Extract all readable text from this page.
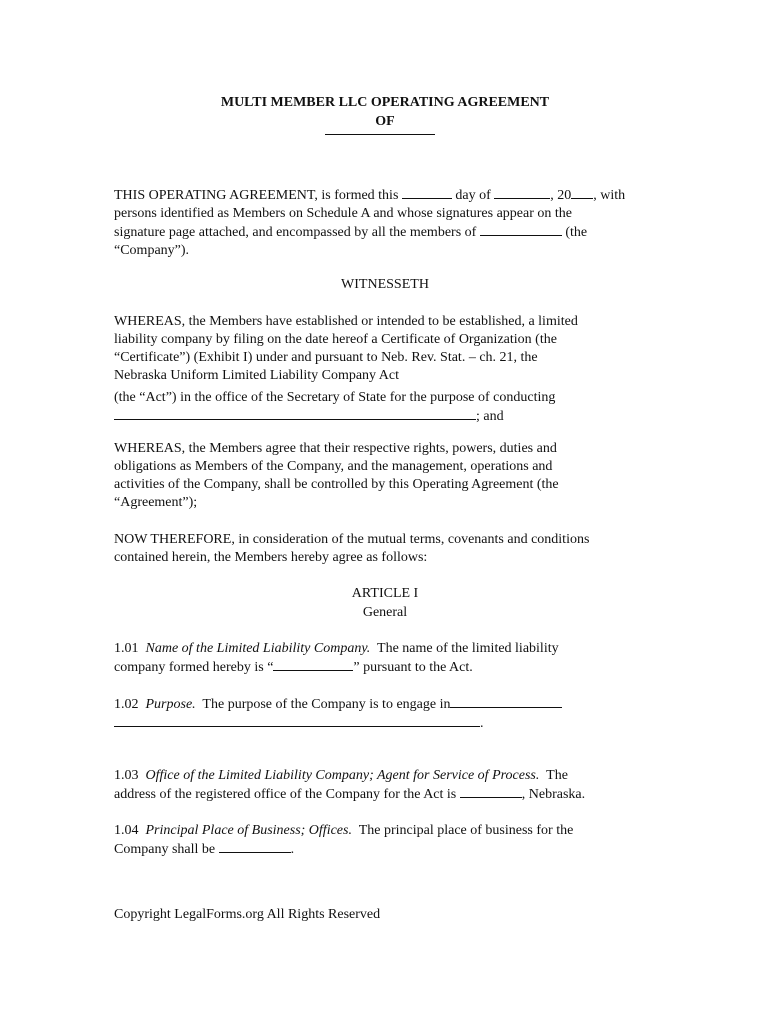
MULTI MEMBER LLC OPERATING AGREEMENT
OF
THIS OPERATING AGREEMENT, is formed this	day of	, 20 , with
persons identified as Members on Schedule A and whose signatures appear on the
signature page attached, and encompassed by all the members of	(the
“Company”).
WITNESSETH
WHEREAS, the Members have established or intended to be established, a limited
liability company by filing on the date hereof a Certificate of Organization (the
“Certificate”) (Exhibit I) under and pursuant to Neb. Rev. Stat. – ch. 21, the
Nebraska Uniform Limited Liability Company Act
(the “Act”) in the office of the Secretary of State for the purpose of conducting
; and
WHEREAS, the Members agree that their respective rights, powers, duties and
obligations as Members of the Company, and the management, operations and
activities of the Company, shall be controlled by this Operating Agreement (the
“Agreement”);
NOW THEREFORE, in consideration of the mutual terms, covenants and conditions
contained herein, the Members hereby agree as follows:
ARTICLE I
General
1.01 Name of the Limited Liability Company. The name of the limited liability
company formed hereby is “	” pursuant to the Act.
1.02 Purpose. The purpose of the Company is to engage in
.
1.03 Office of the Limited Liability Company; Agent for Service of Process. The
address of the registered office of the Company for the Act is	, Nebraska.
1.04 Principal Place of Business; Offices. The principal place of business for the
Company shall be	.
Copyright LegalForms.org All Rights Reserved
